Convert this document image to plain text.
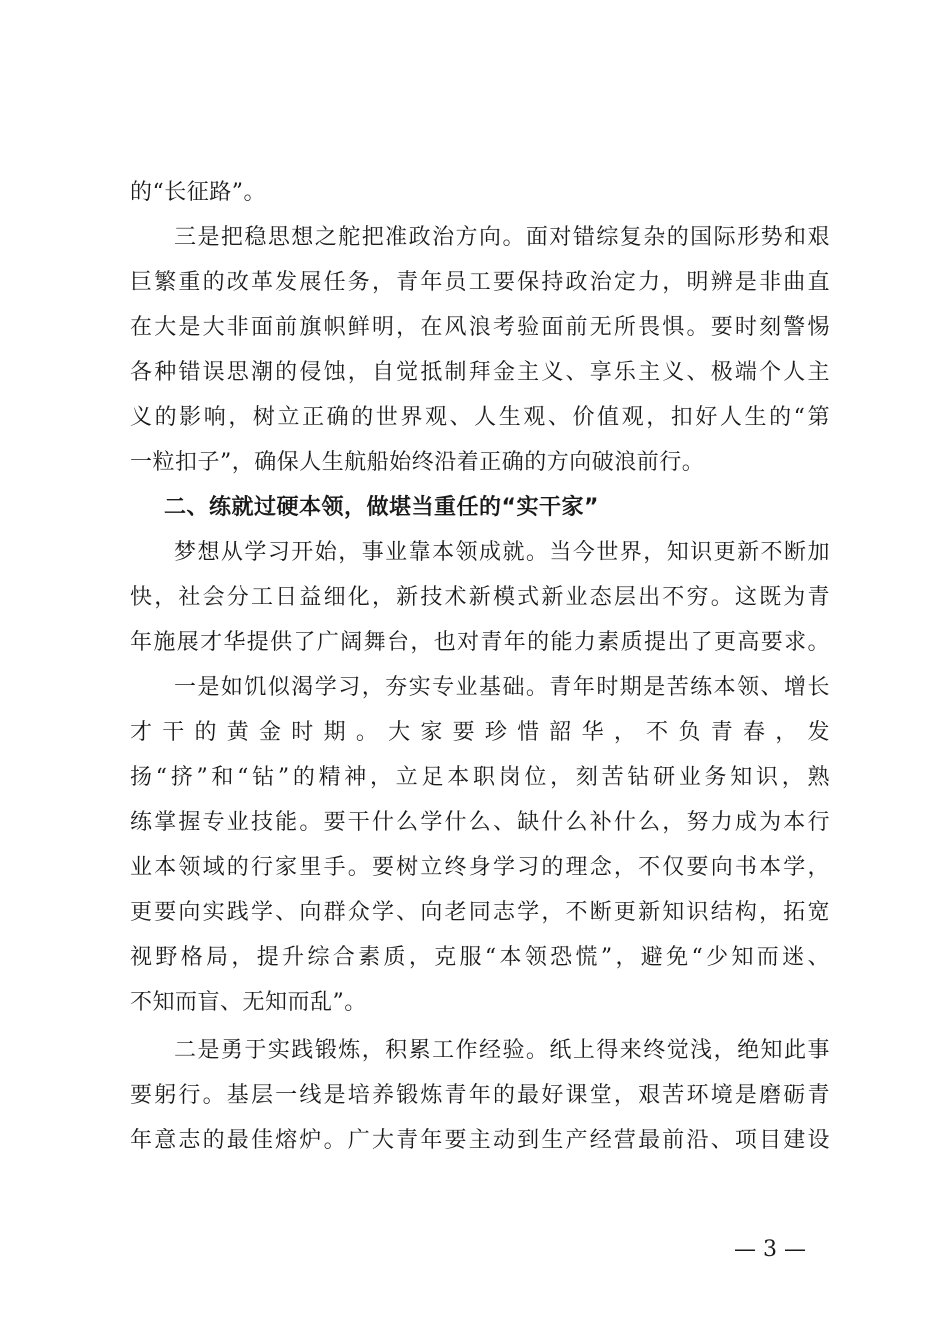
的“长征路”。
三是把稳思想之舵把准政治方向。面对错综复杂的国际形势和艰
巨繁重的改革发展任务，青年员工要保持政治定力，明辨是非曲直
在大是大非面前旗帜鲜明，在风浪考验面前无所畏惧。要时刻警惕
各种错误思潮的侵蚀，自觉抵制拜金主义、享乐主义、极端个人主
义的影响，树立正确的世界观、人生观、价值观，扣好人生的“第
一粒扣子”，确保人生航船始终沿着正确的方向破浪前行。
二、练就过硬本领，做堪当重任的“实干家”
梦想从学习开始，事业靠本领成就。当今世界，知识更新不断加
快，社会分工日益细化，新技术新模式新业态层出不穷。这既为青
年施展才华提供了广阔舞台，也对青年的能力素质提出了更高要求。
一是如饥似渴学习，夯实专业基础。青年时期是苦练本领、增长
才干的黄金时期。大家要珍惜韶华，不负青春，发
扬“挤”和“钻”的精神，立足本职岗位，刻苦钻研业务知识，熟
练掌握专业技能。要干什么学什么、缺什么补什么，努力成为本行
业本领域的行家里手。要树立终身学习的理念，不仅要向书本学，
更要向实践学、向群众学、向老同志学，不断更新知识结构，拓宽
视野格局，提升综合素质，克服“本领恐慌”，避免“少知而迷、
不知而盲、无知而乱”。
二是勇于实践锻炼，积累工作经验。纸上得来终觉浅，绝知此事
要躬行。基层一线是培养锻炼青年的最好课堂，艰苦环境是磨砺青
年意志的最佳熔炉。广大青年要主动到生产经营最前沿、项目建设
— 3 —
